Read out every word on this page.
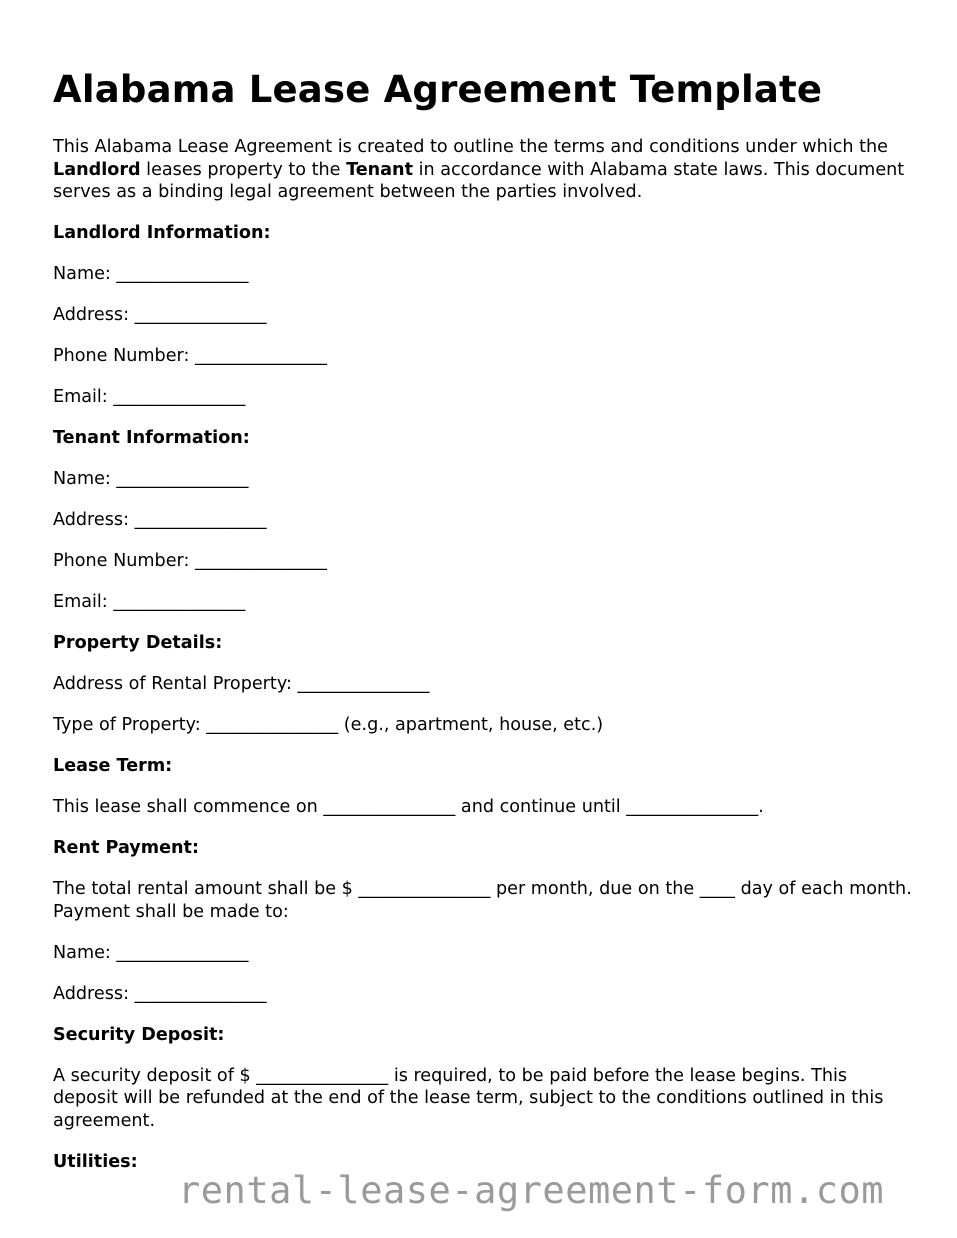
Alabama Lease Agreement Template

This Alabama Lease Agreement is created to outline the terms and conditions under which the Landlord leases property to the Tenant in accordance with Alabama state laws. This document serves as a binding legal agreement between the parties involved.

Landlord Information:

Name: _______________

Address: _______________

Phone Number: _______________

Email: _______________

Tenant Information:

Name: _______________

Address: _______________

Phone Number: _______________

Email: _______________

Property Details:

Address of Rental Property: _______________

Type of Property: _______________ (e.g., apartment, house, etc.)

Lease Term:

This lease shall commence on _______________ and continue until _______________.

Rent Payment:

The total rental amount shall be $ _______________ per month, due on the ____ day of each month. Payment shall be made to:

Name: _______________

Address: _______________

Security Deposit:

A security deposit of $ _______________ is required, to be paid before the lease begins. This deposit will be refunded at the end of the lease term, subject to the conditions outlined in this agreement.

Utilities:

rental-lease-agreement-form.com
